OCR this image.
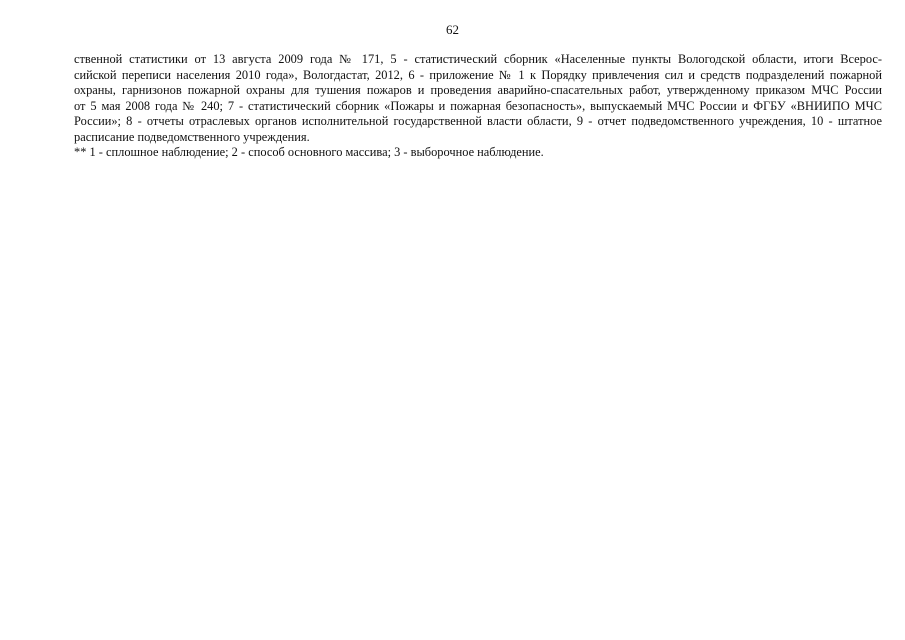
62
ственной статистики от 13 августа 2009 года № 171, 5 - статистический сборник «Населенные пункты Вологодской области, итоги Всерос-
сийской переписи населения 2010 года», Вологдастат, 2012, 6 - приложение № 1 к Порядку привлечения сил и средств подразделений пожарной
охраны, гарнизонов пожарной охраны для тушения пожаров и проведения аварийно-спасательных работ, утвержденному приказом МЧС России
от 5 мая 2008 года № 240; 7 - статистический сборник «Пожары и пожарная безопасность», выпускаемый МЧС России и ФГБУ «ВНИИПО МЧС
России»; 8 - отчеты отраслевых органов исполнительной государственной власти области, 9 - отчет подведомственного учреждения, 10 - штатное
расписание подведомственного учреждения.
** 1 - сплошное наблюдение; 2 - способ основного массива; 3 - выборочное наблюдение.
